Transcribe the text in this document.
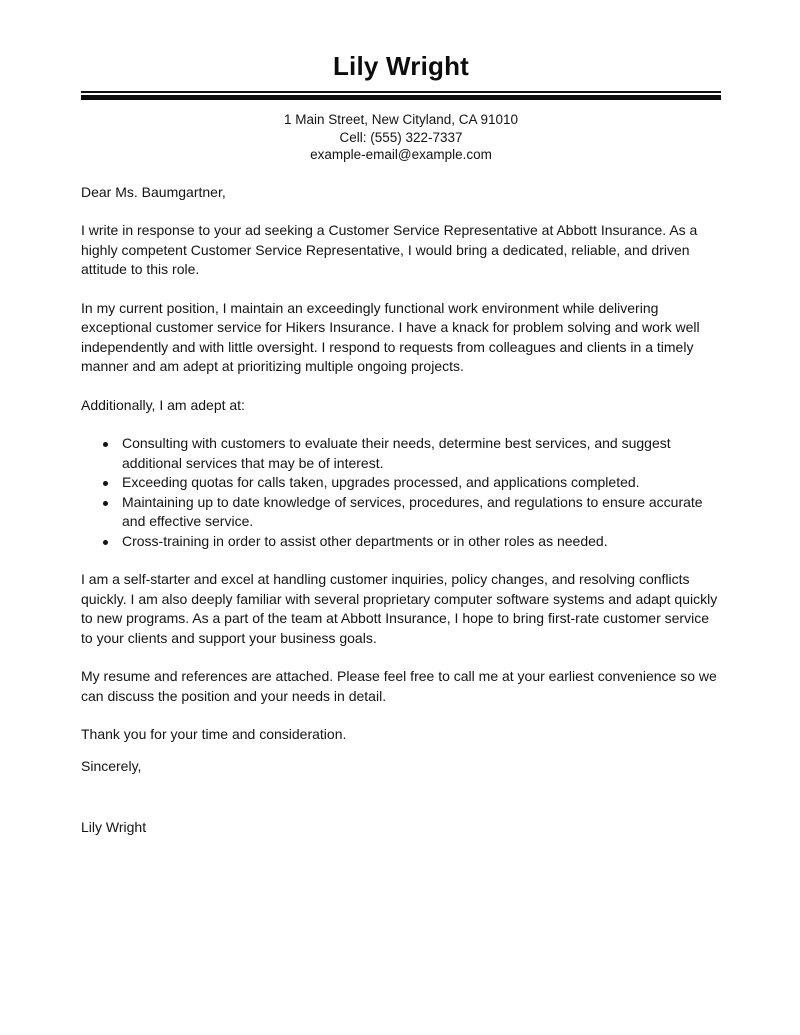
Lily Wright
1 Main Street, New Cityland, CA 91010
Cell: (555) 322-7337
example-email@example.com

Dear Ms. Baumgartner,

I write in response to your ad seeking a Customer Service Representative at Abbott Insurance. As a highly competent Customer Service Representative, I would bring a dedicated, reliable, and driven attitude to this role.

In my current position, I maintain an exceedingly functional work environment while delivering exceptional customer service for Hikers Insurance. I have a knack for problem solving and work well independently and with little oversight. I respond to requests from colleagues and clients in a timely manner and am adept at prioritizing multiple ongoing projects.

Additionally, I am adept at:

Consulting with customers to evaluate their needs, determine best services, and suggest additional services that may be of interest.
Exceeding quotas for calls taken, upgrades processed, and applications completed.
Maintaining up to date knowledge of services, procedures, and regulations to ensure accurate and effective service.
Cross-training in order to assist other departments or in other roles as needed.

I am a self-starter and excel at handling customer inquiries, policy changes, and resolving conflicts quickly. I am also deeply familiar with several proprietary computer software systems and adapt quickly to new programs. As a part of the team at Abbott Insurance, I hope to bring first-rate customer service to your clients and support your business goals.

My resume and references are attached. Please feel free to call me at your earliest convenience so we can discuss the position and your needs in detail.

Thank you for your time and consideration.

Sincerely,

Lily Wright
